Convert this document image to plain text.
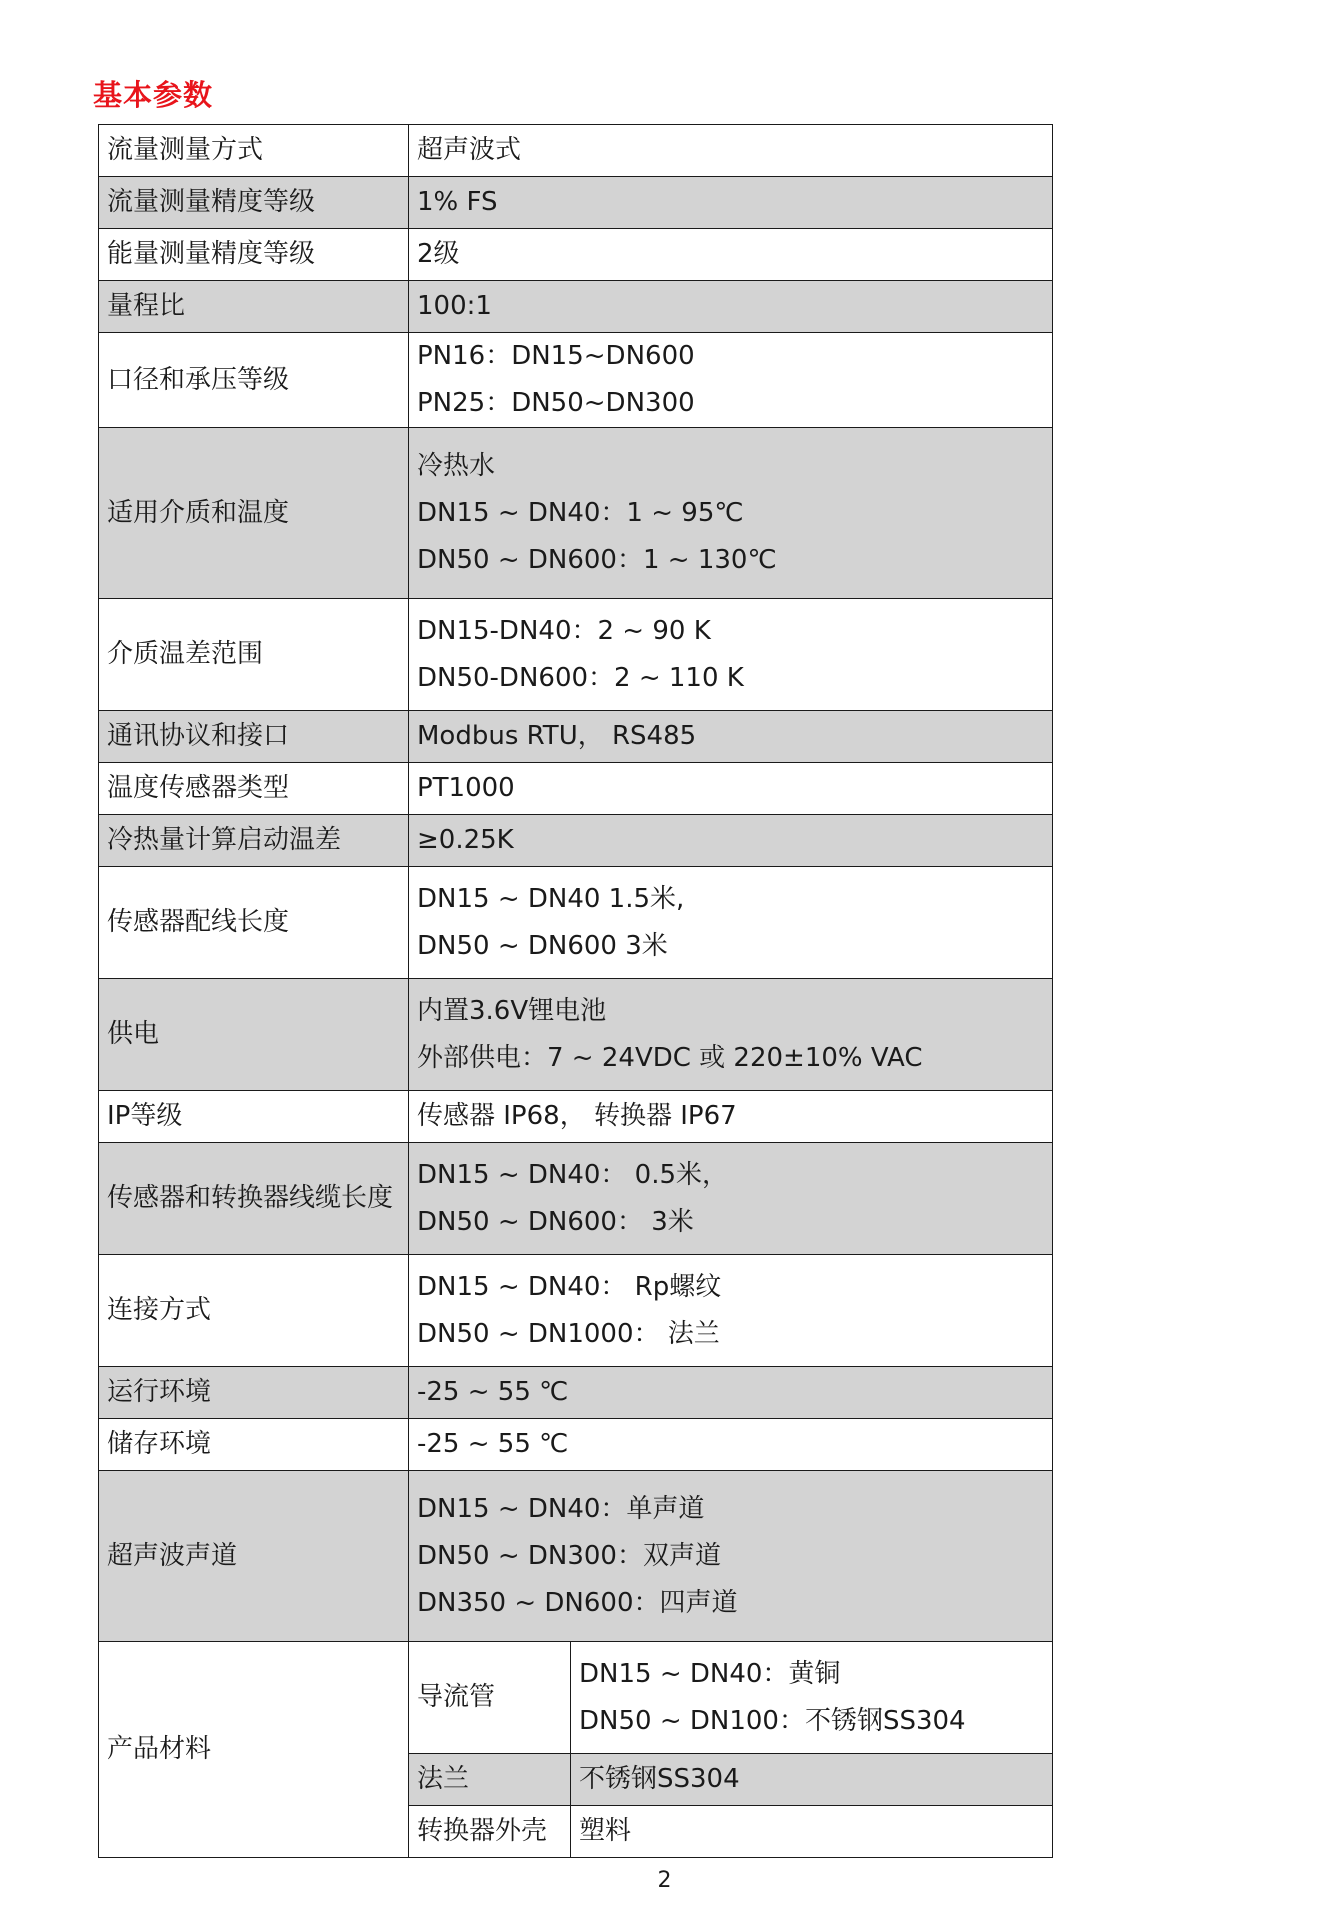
基本参数
流量测量方式	超声波式	
流量测量精度等级	1% FS	
能量测量精度等级	2级	
量程比	100:1	
口径和承压等级	PN16：DN15~DN600
PN25：DN50~DN300	

适用介质和温度	冷热水
DN15 ~ DN40：1 ~ 95℃
DN50 ~ DN600：1 ~ 130℃	

介质温差范围	DN15-DN40：2 ~ 90 K
DN50-DN600：2 ~ 110 K	

通讯协议和接口	Modbus RTU， RS485	
温度传感器类型	PT1000	
冷热量计算启动温差	≥0.25K	
传感器配线长度	DN15 ~ DN40 1.5米,
DN50 ~ DN600 3米	

供电	内置3.6V锂电池
外部供电：7 ~ 24VDC 或 220±10% VAC	

IP等级	传感器 IP68， 转换器 IP67	
传感器和转换器线缆长度	DN15 ~ DN40： 0.5米，
DN50 ~ DN600： 3米	

连接方式	DN15 ~ DN40： Rp螺纹
DN50 ~ DN1000： 法兰	

运行环境	-25 ~ 55 ℃	
储存环境	-25 ~ 55 ℃	
超声波声道	DN15 ~ DN40：单声道
DN50 ~ DN300：双声道
DN350 ~ DN600：四声道	

产品材料	导流管	DN15 ~ DN40：黄铜
DN50 ~ DN100：不锈钢SS304

	法兰	不锈钢SS304
	转换器外壳	塑料
2
